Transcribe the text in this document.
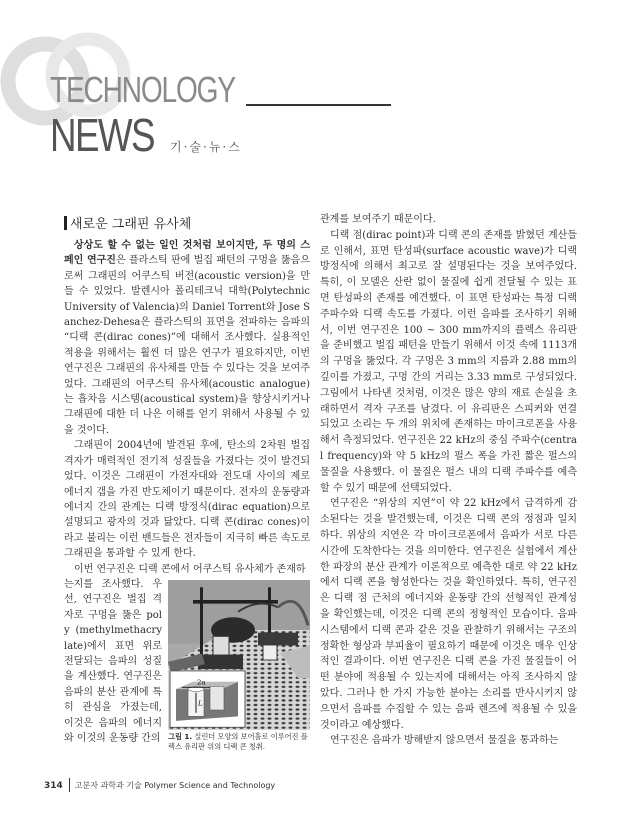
TECHNOLOGY
NEWS 기·술·뉴·스
새로운 그래핀 유사체

상상도 할 수 없는 일인 것처럼 보이지만, 두 명의 스페인 연구진은 플라스틱 판에 벌집 패턴의 구멍을 뚫음으로써 그래핀의 어쿠스틱 버전(acoustic version)을 만들 수 있었다. 발렌시아 폴리테크닉 대학(Polytechnic University of Valencia)의 Daniel Torrent와 Jose Sanchez-Dehesa은 플라스틱의 표면을 전파하는 음파의 “디랙 콘(dirac cones)”에 대해서 조사했다. 실용적인 적용을 위해서는 훨씬 더 많은 연구가 필요하지만, 이번 연구진은 그래핀의 유사체를 만들 수 있다는 것을 보여주었다. 그래핀의 어쿠스틱 유사체(acoustic analogue)는 흡차음 시스템(acoustical system)을 향상시키거나 그래핀에 대한 더 나은 이해를 얻기 위해서 사용될 수 있을 것이다.

그래핀이 2004년에 발견된 후에, 탄소의 2차원 벌집 격자가 매력적인 전기적 성질들을 가졌다는 것이 발견되었다. 이것은 그래핀이 가전자대와 전도대 사이의 제로 에너지 갭을 가진 반도체이기 때문이다. 전자의 운동량과 에너지 간의 관계는 디랙 방정식(dirac equation)으로 설명되고 광자의 것과 닮았다. 디랙 콘(dirac cones)이라고 불리는 이런 밴드들은 전자들이 지극히 빠른 속도로 그래핀을 통과할 수 있게 한다.

이번 연구진은 디랙 콘에서 어쿠스틱 유사체가 존재하

2a
L
그림 1. 실린더 모양의 보어홀로 이루어진 플렉스 유리판 위의 디랙 콘 청취.

는지를 조사했다. 우선, 연구진은 벌집 격자로 구멍을 뚫은 poly (methylmethacrylate)에서 표면 위로 전달되는 음파의 성질을 계산했다. 연구진은 음파의 분산 관계에 특히 관심을 가졌는데, 이것은 음파의 에너지와 이것의 운동량 간의

관계를 보여주기 때문이다.

디랙 점(dirac point)과 디랙 콘의 존재를 밝혔던 계산들로 인해서, 표면 탄성파(surface acoustic wave)가 디랙 방정식에 의해서 최고로 잘 설명된다는 것을 보여주었다. 특히, 이 모델은 산란 없이 물질에 쉽게 전달될 수 있는 표면 탄성파의 존재를 예견했다. 이 표면 탄성파는 특정 디랙 주파수와 디랙 속도를 가졌다. 이런 음파를 조사하기 위해서, 이번 연구진은 100 ~ 300 mm까지의 플렉스 유리판을 준비했고 벌집 패턴을 만들기 위해서 이것 속에 1113개의 구멍을 뚫었다. 각 구멍은 3 mm의 지름과 2.88 mm의 깊이를 가졌고, 구멍 간의 거리는 3.33 mm로 구성되었다. 그림에서 나타낸 것처럼, 이것은 많은 양의 재료 손실을 초래하면서 격자 구조를 남겼다. 이 유리판은 스피커와 연결되었고 소리는 두 개의 위치에 존재하는 마이크로폰을 사용해서 측정되었다. 연구진은 22 kHz의 중심 주파수(central frequency)와 약 5 kHz의 펄스 폭을 가진 짧은 펄스의 물질을 사용했다. 이 물질은 펄스 내의 디랙 주파수를 예측할 수 있기 때문에 선택되었다.

연구진은 “위상의 지연”이 약 22 kHz에서 급격하게 감소된다는 것을 발견했는데, 이것은 디랙 콘의 정점과 일치하다. 위상의 지연은 각 마이크로폰에서 음파가 서로 다른 시간에 도착한다는 것을 의미한다. 연구진은 실험에서 계산한 파장의 분산 관계가 이론적으로 예측한 대로 약 22 kHz에서 디랙 콘을 형성한다는 것을 확인하였다. 특히, 연구진은 디랙 점 근처의 에너지와 운동량 간의 선형적인 관계성을 확인했는데, 이것은 디랙 콘의 정형적인 모습이다. 음파 시스템에서 디랙 콘과 같은 것을 관찰하기 위해서는 구조의 정확한 형상과 부피율이 필요하기 때문에 이것은 매우 인상적인 결과이다. 이번 연구진은 디랙 콘을 가진 물질들이 어떤 분야에 적용될 수 있는지에 대해서는 아직 조사하지 않았다. 그러나 한 가지 가능한 분야는 소리를 반사시키지 않으면서 음파를 수집할 수 있는 음파 렌즈에 적용될 수 있을 것이라고 예상했다.

연구진은 음파가 방해받지 않으면서 물질을 통과하는

314 고분자 과학과 기술 Polymer Science and Technology
